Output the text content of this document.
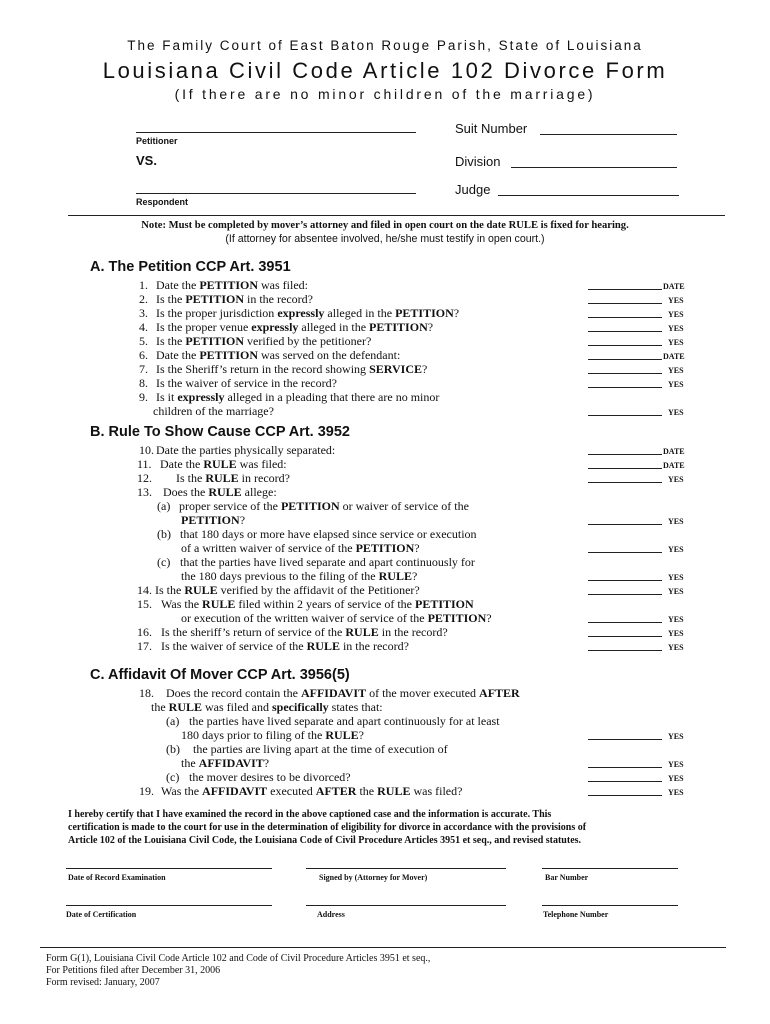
The Family Court of East Baton Rouge Parish, State of Louisiana
Louisiana Civil Code Article 102 Divorce Form
(If there are no minor children of the marriage)
Petitioner
VS.
Respondent
Suit Number
Division
Judge
Note: Must be completed by mover’s attorney and filed in open court on the date RULE is fixed for hearing.
(If attorney for absentee involved, he/she must testify in open court.)
A. The Petition CCP Art. 3951
1. Date the PETITION was filed:	DATE
2. Is the PETITION in the record?	YES
3. Is the proper jurisdiction expressly alleged in the PETITION?	YES
4. Is the proper venue expressly alleged in the PETITION?	YES
5. Is the PETITION verified by the petitioner?	YES
6. Date the PETITION was served on the defendant:	DATE
7. Is the Sheriff’s return in the record showing SERVICE?	YES
8. Is the waiver of service in the record?	YES
9. Is it expressly alleged in a pleading that there are no minor
children of the marriage?	YES
B. Rule To Show Cause CCP Art. 3952
10. Date the parties physically separated:	DATE
11. Date the RULE was filed:	DATE
12. Is the RULE in record?	YES
13. Does the RULE allege:
(a) proper service of the PETITION or waiver of service of the
PETITION?	YES
(b) that 180 days or more have elapsed since service or execution
of a written waiver of service of the PETITION?	YES
(c) that the parties have lived separate and apart continuously for
the 180 days previous to the filing of the RULE?	YES
14. Is the RULE verified by the affidavit of the Petitioner?	YES
15. Was the RULE filed within 2 years of service of the PETITION
or execution of the written waiver of service of the PETITION?	YES
16. Is the sheriff’s return of service of the RULE in the record?	YES
17. Is the waiver of service of the RULE in the record?	YES
C. Affidavit Of Mover CCP Art. 3956(5)
18. Does the record contain the AFFIDAVIT of the mover executed AFTER
the RULE was filed and specifically states that:
(a) the parties have lived separate and apart continuously for at least
180 days prior to filing of the RULE?	YES
(b) the parties are living apart at the time of execution of
the AFFIDAVIT?	YES
(c) the mover desires to be divorced?	YES
19. Was the AFFIDAVIT executed AFTER the RULE was filed?	YES
I hereby certify that I have examined the record in the above captioned case and the information is accurate. This
certification is made to the court for use in the determination of eligibility for divorce in accordance with the provisions of
Article 102 of the Louisiana Civil Code, the Louisiana Code of Civil Procedure Articles 3951 et seq., and revised statutes.
Date of Record Examination	Signed by (Attorney for Mover)	Bar Number
Date of Certification	Address	Telephone Number
Form G(1), Louisiana Civil Code Article 102 and Code of Civil Procedure Articles 3951 et seq.,
For Petitions filed after December 31, 2006
Form revised: January, 2007
